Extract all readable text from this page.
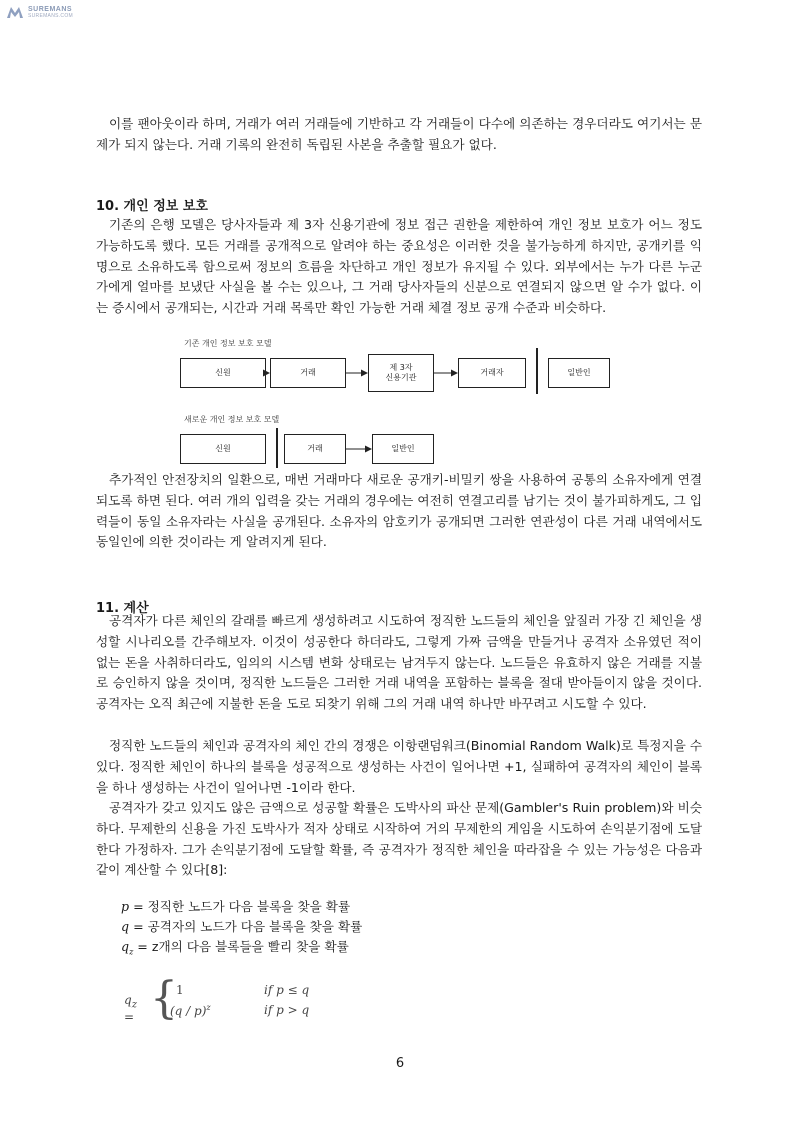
SUREMANS
SUREMANS.COM

이를 팬아웃이라 하며, 거래가 여러 거래들에 기반하고 각 거래들이 다수에 의존하는 경우더라도 여기서는 문제가 되지 않는다. 거래 기록의 완전히 독립된 사본을 추출할 필요가 없다.

10. 개인 정보 보호

기존의 은행 모델은 당사자들과 제 3자 신용기관에 정보 접근 권한을 제한하여 개인 정보 보호가 어느 정도 가능하도록 했다. 모든 거래를 공개적으로 알려야 하는 중요성은 이러한 것을 불가능하게 하지만, 공개키를 익명으로 소유하도록 함으로써 정보의 흐름을 차단하고 개인 정보가 유지될 수 있다. 외부에서는 누가 다른 누군가에게 얼마를 보냈단 사실을 볼 수는 있으나, 그 거래 당사자들의 신분으로 연결되지 않으면 알 수가 없다. 이는 증시에서 공개되는, 시간과 거래 목록만 확인 가능한 거래 체결 정보 공개 수준과 비슷하다.

기존 개인 정보 보호 모델
신원	거래
제 3자
신용기관
거래자	일반인
새로운 개인 정보 보호 모델
신원	거래	일반인

추가적인 안전장치의 일환으로, 매번 거래마다 새로운 공개키-비밀키 쌍을 사용하여 공통의 소유자에게 연결되도록 하면 된다. 여러 개의 입력을 갖는 거래의 경우에는 여전히 연결고리를 남기는 것이 불가피하게도, 그 입력들이 동일 소유자라는 사실을 공개된다. 소유자의 암호키가 공개되면 그러한 연관성이 다른 거래 내역에서도 동일인에 의한 것이라는 게 알려지게 된다.

11. 계산

공격자가 다른 체인의 갈래를 빠르게 생성하려고 시도하여 정직한 노드들의 체인을 앞질러 가장 긴 체인을 생성할 시나리오를 간주해보자. 이것이 성공한다 하더라도, 그렇게 가짜 금액을 만들거나 공격자 소유였던 적이 없는 돈을 사취하더라도, 임의의 시스템 변화 상태로는 남겨두지 않는다. 노드들은 유효하지 않은 거래를 지불로 승인하지 않을 것이며, 정직한 노드들은 그러한 거래 내역을 포함하는 블록을 절대 받아들이지 않을 것이다. 공격자는 오직 최근에 지불한 돈을 도로 되찾기 위해 그의 거래 내역 하나만 바꾸려고 시도할 수 있다.

정직한 노드들의 체인과 공격자의 체인 간의 경쟁은 이항랜덤워크(Binomial Random Walk)로 특정지을 수 있다. 정직한 체인이 하나의 블록을 성공적으로 생성하는 사건이 일어나면 +1, 실패하여 공격자의 체인이 블록을 하나 생성하는 사건이 일어나면 -1이라 한다.

공격자가 갖고 있지도 않은 금액으로 성공할 확률은 도박사의 파산 문제(Gambler's Ruin problem)와 비슷하다. 무제한의 신용을 가진 도박사가 적자 상태로 시작하여 거의 무제한의 게임을 시도하여 손익분기점에 도달한다 가정하자. 그가 손익분기점에 도달할 확률, 즉 공격자가 정직한 체인을 따라잡을 수 있는 가능성은 다음과 같이 계산할 수 있다[8]:

p = 정직한 노드가 다음 블록을 찾을 확률
q = 공격자의 노드가 다음 블록을 찾을 확률
$q_z = z$개의 다음 블록들을 빨리 찾을 확률
$q_z$ = {
1	if p ≤ q
(q / p)$^z$	if p > q
6
